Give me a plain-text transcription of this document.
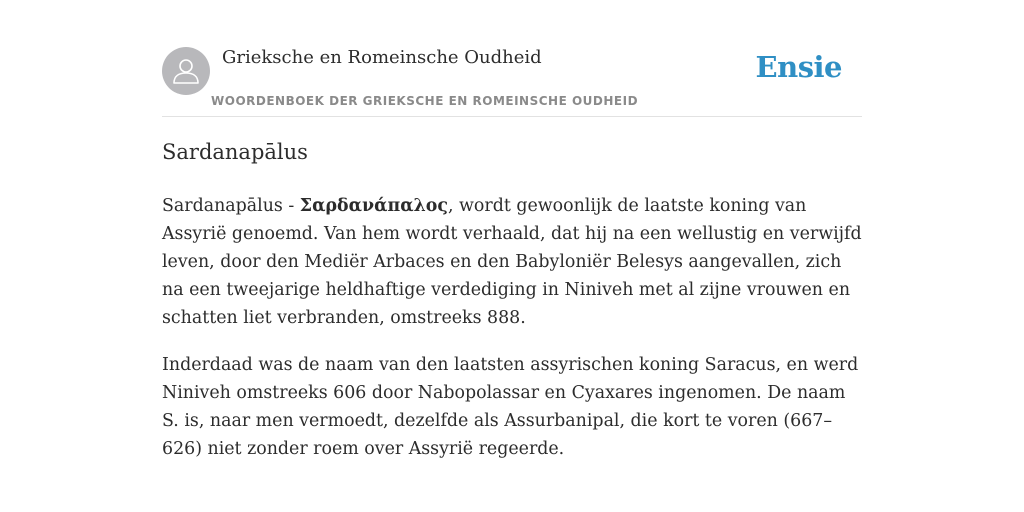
Grieksche en Romeinsche Oudheid
WOORDENBOEK DER GRIEKSCHE EN ROMEINSCHE OUDHEID
Ensie
Sardanapālus

Sardanapālus - Σαρδανάπαλος, wordt gewoonlijk de laatste koning van Assyrië genoemd. Van hem wordt verhaald, dat hij na een wellustig en verwijfd leven, door den Mediër Arbaces en den Babyloniër Belesys aangevallen, zich na een tweejarige heldhaftige verdediging in Niniveh met al zijne vrouwen en schatten liet verbranden, omstreeks 888.

Inderdaad was de naam van den laatsten assyrischen koning Saracus, en werd Niniveh omstreeks 606 door Nabopolassar en Cyaxares ingenomen. De naam S. is, naar men vermoedt, dezelfde als Assurbanipal, die kort te voren (667–626) niet zonder roem over Assyrië regeerde.
